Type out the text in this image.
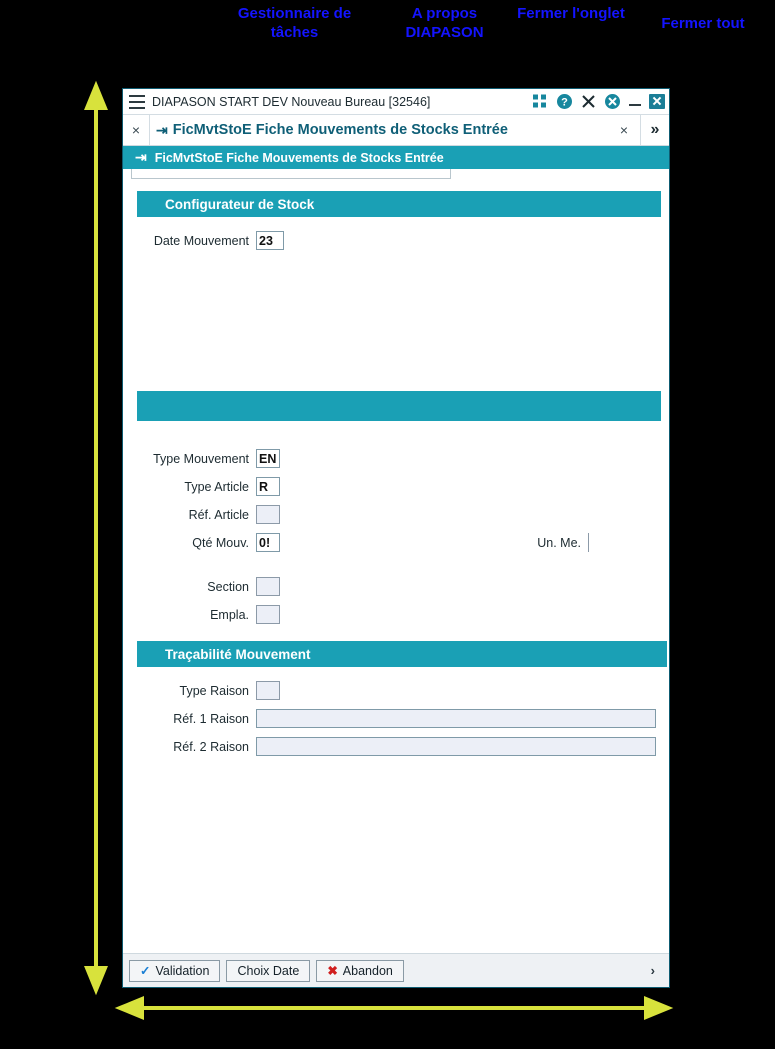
Gestionnaire de tâches
A propos DIAPASON
Fermer l'onglet
Fermer tout
DIAPASON START DEV Nouveau Bureau [32546]	?
×	⇥ FicMvtStoE Fiche Mouvements de Stocks Entrée	×	»
⇥ FicMvtStoE Fiche Mouvements de Stocks Entrée
Configurateur de Stock
Date Mouvement 23
Type Mouvement EN
Type Article R
Réf. Article
Qté Mouv. 0!	Un. Me.
Section
Empla.
Traçabilité Mouvement
Type Raison
Réf. 1 Raison
Réf. 2 Raison
✓ Validation Choix Date ✖ Abandon	›
